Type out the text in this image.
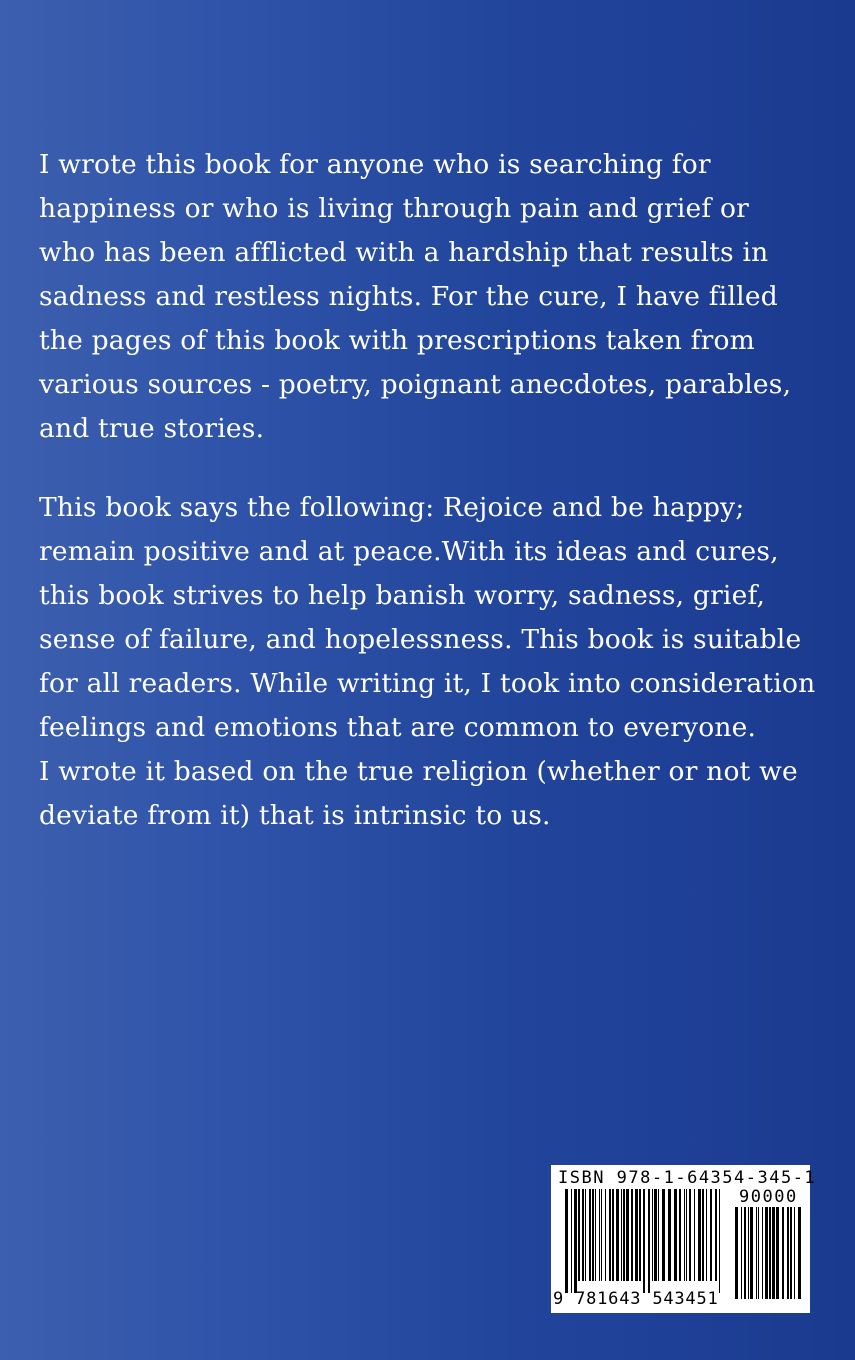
I wrote this book for anyone who is searching for

happiness or who is living through pain and grief or

who has been afflicted with a hardship that results in

sadness and restless nights. For the cure, I have filled

the pages of this book with prescriptions taken from

various sources - poetry, poignant anecdotes, parables,

and true stories.

This book says the following: Rejoice and be happy;

remain positive and at peace.With its ideas and cures,

this book strives to help banish worry, sadness, grief,

sense of failure, and hopelessness. This book is suitable

for all readers. While writing it, I took into consideration

feelings and emotions that are common to everyone.

I wrote it based on the true religion (whether or not we

deviate from it) that is intrinsic to us.

ISBN 978-1-64354-345-1
90000
9 781643 543451
